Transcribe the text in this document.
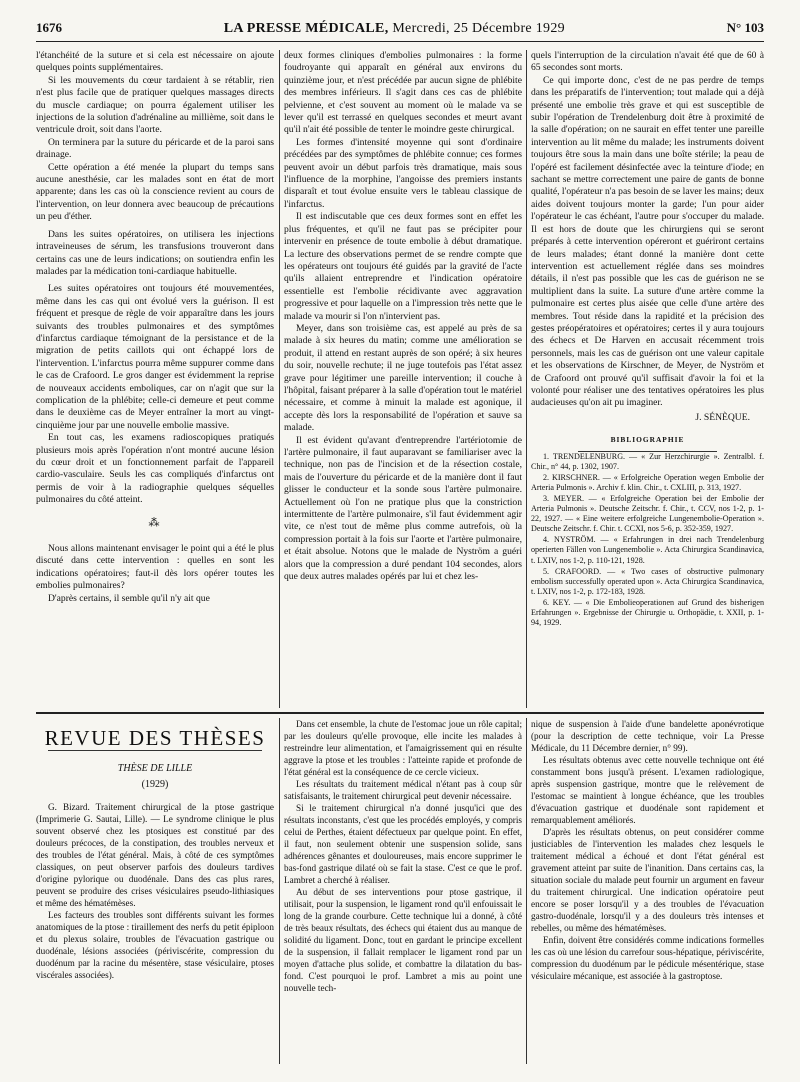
1676	LA PRESSE MÉDICALE, Mercredi, 25 Décembre 1929	N° 103

l'étanchéité de la suture et si cela est nécessaire on ajoute quelques points supplémentaires.

Si les mouvements du cœur tardaient à se rétablir, rien n'est plus facile que de pratiquer quelques massages directs du muscle cardiaque; on pourra également utiliser les injections de la solution d'adrénaline au millième, soit dans le ventricule droit, soit dans l'aorte.

On terminera par la suture du péricarde et de la paroi sans drainage.

Cette opération a été menée la plupart du temps sans aucune anesthésie, car les malades sont en état de mort apparente; dans les cas où la conscience revient au cours de l'intervention, on leur donnera avec beaucoup de précautions un peu d'éther.

Dans les suites opératoires, on utilisera les injections intraveineuses de sérum, les transfusions trouveront dans certains cas une de leurs indications; on soutiendra enfin les malades par la médication toni-cardiaque habituelle.

Les suites opératoires ont toujours été mouvementées, même dans les cas qui ont évolué vers la guérison. Il est fréquent et presque de règle de voir apparaître dans les jours suivants des troubles pulmonaires et des symptômes d'infarctus cardiaque témoignant de la persistance et de la migration de petits caillots qui ont échappé lors de l'intervention. L'infarctus pourra même suppurer comme dans le cas de Crafoord. Le gros danger est évidemment la reprise de nouveaux accidents emboliques, car on n'agit que sur la complication de la phlébite; celle-ci demeure et peut comme dans le deuxième cas de Meyer entraîner la mort au vingt-cinquième jour par une nouvelle embolie massive.

En tout cas, les examens radioscopiques pratiqués plusieurs mois après l'opération n'ont montré aucune lésion du cœur droit et un fonctionnement parfait de l'appareil cardio-vasculaire. Seuls les cas compliqués d'infarctus ont permis de voir à la radiographie quelques séquelles pulmonaires du côté atteint.

⁂

Nous allons maintenant envisager le point qui a été le plus discuté dans cette intervention : quelles en sont les indications opératoires; faut-il dès lors opérer toutes les embolies pulmonaires?

D'après certains, il semble qu'il n'y ait que

deux formes cliniques d'embolies pulmonaires : la forme foudroyante qui apparaît en général aux environs du quinzième jour, et n'est précédée par aucun signe de phlébite des membres inférieurs. Il s'agit dans ces cas de phlébite pelvienne, et c'est souvent au moment où le malade va se lever qu'il est terrassé en quelques secondes et meurt avant qu'il n'ait été possible de tenter le moindre geste chirurgical.

Les formes d'intensité moyenne qui sont d'ordinaire précédées par des symptômes de phlébite connue; ces formes peuvent avoir un début parfois très dramatique, mais sous l'influence de la morphine, l'angoisse des premiers instants disparaît et tout évolue ensuite vers le tableau classique de l'infarctus.

Il est indiscutable que ces deux formes sont en effet les plus fréquentes, et qu'il ne faut pas se précipiter pour intervenir en présence de toute embolie à début dramatique. La lecture des observations permet de se rendre compte que les opérateurs ont toujours été guidés par la gravité de l'acte qu'ils allaient entreprendre et l'indication opératoire essentielle est l'embolie récidivante avec aggravation progressive et pour laquelle on a l'impression très nette que le malade va mourir si l'on n'intervient pas.

Meyer, dans son troisième cas, est appelé au près de sa malade à six heures du matin; comme une amélioration se produit, il attend en restant auprès de son opéré; à six heures du soir, nouvelle rechute; il ne juge toutefois pas l'état assez grave pour légitimer une pareille intervention; il couche à l'hôpital, faisant préparer à la salle d'opération tout le matériel nécessaire, et comme à minuit la malade est agonique, il accepte dès lors la responsabilité de l'opération et sauve sa malade.

Il est évident qu'avant d'entreprendre l'artériotomie de l'artère pulmonaire, il faut auparavant se familiariser avec la technique, non pas de l'incision et de la résection costale, mais de l'ouverture du péricarde et de la manière dont il faut glisser le conducteur et la sonde sous l'artère pulmonaire. Actuellement où l'on ne pratique plus que la constriction intermittente de l'artère pulmonaire, s'il faut évidemment agir vite, ce n'est tout de même plus comme autrefois, où la compression portait à la fois sur l'aorte et l'artère pulmonaire, et était absolue. Notons que le malade de Nyström a guéri alors que la compression a duré pendant 104 secondes, alors que deux autres malades opérés par lui et chez les-

quels l'interruption de la circulation n'avait été que de 60 à 65 secondes sont morts.

Ce qui importe donc, c'est de ne pas perdre de temps dans les préparatifs de l'intervention; tout malade qui a déjà présenté une embolie très grave et qui est susceptible de subir l'opération de Trendelenburg doit être à proximité de la salle d'opération; on ne saurait en effet tenter une pareille intervention au lit même du malade; les instruments doivent toujours être sous la main dans une boîte stérile; la peau de l'opéré est facilement désinfectée avec la teinture d'iode; en sachant se mettre correctement une paire de gants de bonne qualité, l'opérateur n'a pas besoin de se laver les mains; deux aides doivent toujours monter la garde; l'un pour aider l'opérateur le cas échéant, l'autre pour s'occuper du malade. Il est hors de doute que les chirurgiens qui se seront préparés à cette intervention opéreront et guériront certains de leurs malades; étant donné la manière dont cette intervention est actuellement réglée dans ses moindres détails, il n'est pas possible que les cas de guérison ne se multiplient dans la suite. La suture d'une artère comme la pulmonaire est certes plus aisée que celle d'une artère des membres. Tout réside dans la rapidité et la précision des gestes préopératoires et opératoires; certes il y aura toujours des échecs et De Harven en accusait récemment trois personnels, mais les cas de guérison ont une valeur capitale et les observations de Kirschner, de Meyer, de Nyström et de Crafoord ont prouvé qu'il suffisait d'avoir la foi et la volonté pour réaliser une des tentatives opératoires les plus audacieuses qu'on ait pu imaginer.

J. SÉNÈQUE.
BIBLIOGRAPHIE

1. TRENDELENBURG. — « Zur Herzchirurgie ». Zentralbl. f. Chir., n° 44, p. 1302, 1907.

2. KIRSCHNER. — « Erfolgreiche Operation wegen Embolie der Arteria Pulmonis ». Archiv f. klin. Chir., t. CXLIII, p. 313, 1927.

3. MEYER. — « Erfolgreiche Operation bei der Embolie der Arteria Pulmonis ». Deutsche Zeitschr. f. Chir., t. CCV, nos 1-2, p. 1-22, 1927. — « Eine weitere erfolgreiche Lungenembolie-Operation ». Deutsche Zeitschr. f. Chir. t. CCXI, nos 5-6, p. 352-359, 1927.

4. NYSTRÖM. — « Erfahrungen in drei nach Trendelenburg operierten Fällen von Lungenembolie ». Acta Chirurgica Scandinavica, t. LXIV, nos 1-2, p. 110-121, 1928.

5. CRAFOORD. — « Two cases of obstructive pulmonary embolism successfully operated upon ». Acta Chirurgica Scandinavica, t. LXIV, nos 1-2, p. 172-183, 1928.

6. KEY. — « Die Embolieoperationen auf Grund des bisherigen Erfahrungen ». Ergebnisse der Chirurgie u. Orthopädie, t. XXII, p. 1-94, 1929.

REVUE DES THÈSES
THÈSE DE LILLE
(1929)

G. Bizard. Traitement chirurgical de la ptose gastrique (Imprimerie G. Sautai, Lille). — Le syndrome clinique le plus souvent observé chez les ptosiques est constitué par des douleurs précoces, de la constipation, des troubles nerveux et des troubles de l'état général. Mais, à côté de ces symptômes classiques, on peut observer parfois des douleurs tardives d'origine pylorique ou duodénale. Dans des cas plus rares, peuvent se produire des crises vésiculaires pseudo-lithiasiques et même des hématémèses.

Les facteurs des troubles sont différents suivant les formes anatomiques de la ptose : tiraillement des nerfs du petit épiploon et du plexus solaire, troubles de l'évacuation gastrique ou duodénale, lésions associées (périviscérite, compression du duodénum par la racine du mésentère, stase vésiculaire, ptoses viscérales associées).

Dans cet ensemble, la chute de l'estomac joue un rôle capital; par les douleurs qu'elle provoque, elle incite les malades à restreindre leur alimentation, et l'amaigrissement qui en résulte aggrave la ptose et les troubles : l'atteinte rapide et profonde de l'état général est la conséquence de ce cercle vicieux.

Les résultats du traitement médical n'étant pas à coup sûr satisfaisants, le traitement chirurgical peut devenir nécessaire.

Si le traitement chirurgical n'a donné jusqu'ici que des résultats inconstants, c'est que les procédés employés, y compris celui de Perthes, étaient défectueux par quelque point. En effet, il faut, non seulement obtenir une suspension solide, sans adhérences gênantes et douloureuses, mais encore supprimer le bas-fond gastrique dilaté où se fait la stase. C'est ce que le prof. Lambret a cherché à réaliser.

Au début de ses interventions pour ptose gastrique, il utilisait, pour la suspension, le ligament rond qu'il enfouissait le long de la grande courbure. Cette technique lui a donné, à côté de très beaux résultats, des échecs qui étaient dus au manque de solidité du ligament. Donc, tout en gardant le principe excellent de la suspension, il fallait remplacer le ligament rond par un moyen d'attache plus solide, et combattre la dilatation du bas-fond. C'est pourquoi le prof. Lambret a mis au point une nouvelle tech-

nique de suspension à l'aide d'une bandelette aponévrotique (pour la description de cette technique, voir La Presse Médicale, du 11 Décembre dernier, n° 99).

Les résultats obtenus avec cette nouvelle technique ont été constamment bons jusqu'à présent. L'examen radiologique, après suspension gastrique, montre que le relèvement de l'estomac se maintient à longue échéance, que les troubles d'évacuation gastrique et duodénale sont rapidement et remarquablement améliorés.

D'après les résultats obtenus, on peut considérer comme justiciables de l'intervention les malades chez lesquels le traitement médical a échoué et dont l'état général est gravement atteint par suite de l'inanition. Dans certains cas, la situation sociale du malade peut fournir un argument en faveur du traitement chirurgical. Une indication opératoire peut encore se poser lorsqu'il y a des troubles de l'évacuation gastro-duodénale, lorsqu'il y a des douleurs très intenses et rebelles, ou même des hématémèses.

Enfin, doivent être considérés comme indications formelles les cas où une lésion du carrefour sous-hépatique, périviscérite, compression du duodénum par le pédicule mésentérique, stase vésiculaire mécanique, est associée à la gastroptose.
